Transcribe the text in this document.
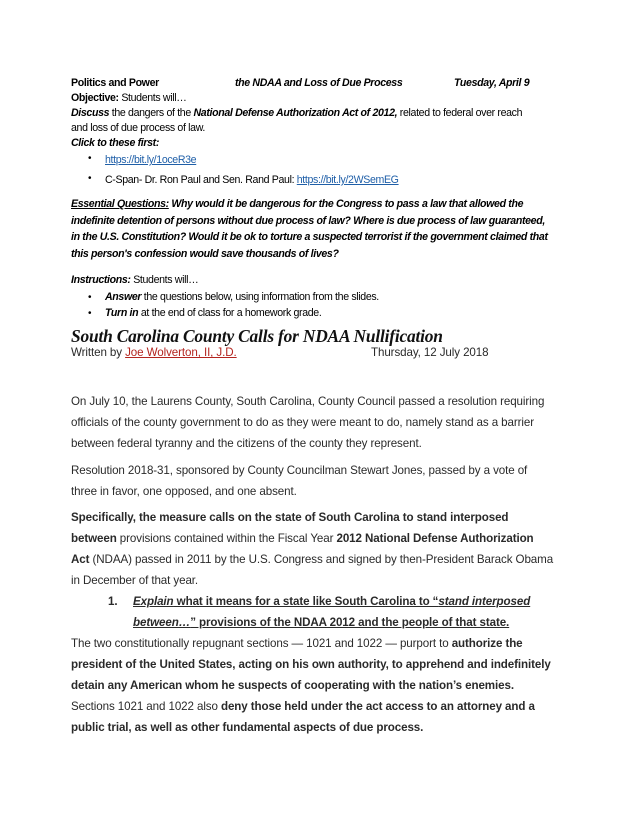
Politics and Power	the NDAA and Loss of Due Process	Tuesday, April 9
Objective: Students will…
Discuss the dangers of the National Defense Authorization Act of 2012, related to federal over reach
and loss of due process of law.
Click to these first:
• https://bit.ly/1oceR3e
• C-Span- Dr. Ron Paul and Sen. Rand Paul: https://bit.ly/2WSemEG
Essential Questions: Why would it be dangerous for the Congress to pass a law that allowed the
indefinite detention of persons without due process of law? Where is due process of law guaranteed,
in the U.S. Constitution? Would it be ok to torture a suspected terrorist if the government claimed that
this person's confession would save thousands of lives?
Instructions: Students will…
• Answer the questions below, using information from the slides.
• Turn in at the end of class for a homework grade.
South Carolina County Calls for NDAA Nullification
Written by Joe Wolverton, II, J.D.	Thursday, 12 July 2018

On July 10, the Laurens County, South Carolina, County Council passed a resolution requiring

officials of the county government to do as they were meant to do, namely stand as a barrier

between federal tyranny and the citizens of the county they represent.

Resolution 2018-31, sponsored by County Councilman Stewart Jones, passed by a vote of

three in favor, one opposed, and one absent.

Specifically, the measure calls on the state of South Carolina to stand interposed

between provisions contained within the Fiscal Year 2012 National Defense Authorization

Act (NDAA) passed in 2011 by the U.S. Congress and signed by then-President Barack Obama

in December of that year.

1. Explain what it means for a state like South Carolina to “stand interposed
between…” provisions of the NDAA 2012 and the people of that state.

The two constitutionally repugnant sections — 1021 and 1022 — purport to authorize the

president of the United States, acting on his own authority, to apprehend and indefinitely

detain any American whom he suspects of cooperating with the nation’s enemies.

Sections 1021 and 1022 also deny those held under the act access to an attorney and a

public trial, as well as other fundamental aspects of due process.
